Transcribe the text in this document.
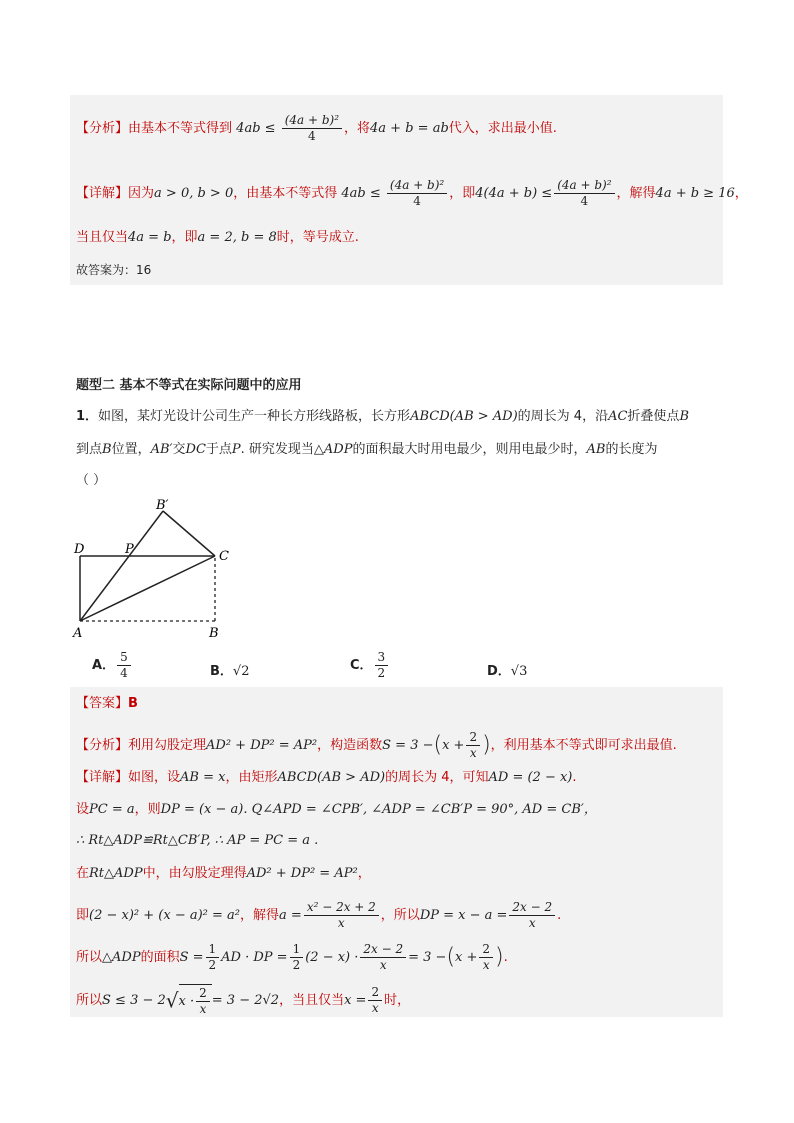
【分析】由基本不等式得到 $4ab \le \frac{\text{(4a + b)²}}{4}$ ，将4a + b = ab代入，求出最小值.
【详解】因为a > 0, b > 0，由基本不等式得 $4ab \le \frac{\text{(4a + b)²}}{4}$ ，即$4(4a + b) \le \frac{\text{(4a + b)²}}{4}$ ，解得4a + b ≥ 16，
当且仅当4a = b，即a = 2, b = 8时，等号成立.
故答案为：16
题型二 基本不等式在实际问题中的应用
1．如图，某灯光设计公司生产一种长方形线路板，长方形ABCD(AB > AD)的周长为 4，沿AC折叠使点B
到点B位置，AB′交DC于点P. 研究发现当△ADP的面积最大时用电最少，则用电最少时，AB的长度为
（ ）
B′
D	P	C
A	B
A． $\frac{5}{4}$	B．√2	C． $\frac{3}{2}$	D．√3
【答案】B
【分析】利用勾股定理AD² + DP² = AP²，构造函数$S = 3 -(x + \frac{2}{x}$ )，利用基本不等式即可求出最值.
【详解】如图，设AB = x，由矩形ABCD(AB > AD)的周长为 4，可知AD = (2 − x).
设PC = a，则DP = (x − a). Q∠APD = ∠CPB′, ∠ADP = ∠CB′P = 90°, AD = CB′，
∴ Rt△ADP≌Rt△CB′P, ∴ AP = PC = a .
在Rt△ADP中，由勾股定理得AD² + DP² = AP²，
即(2 − x)² + (x − a)² = a²，解得$a = \frac{\text{x² − 2x + 2}}{x}$ ，所以DP = $x - a = \frac{2x - 2}{x}$ .
所以△ADP的面积$S = \frac{1}{2}$ AD · DP = $\frac{1}{2} (2 - x) \cdot \frac{2x - 2}{x} = 3 -(x + \frac{2}{x}$ ).
所以$S \le 3 - 2√x \cdot \frac{2}{x} = 3 - 2√2$，当且仅当$x = \frac{2}{x}$ 时，
